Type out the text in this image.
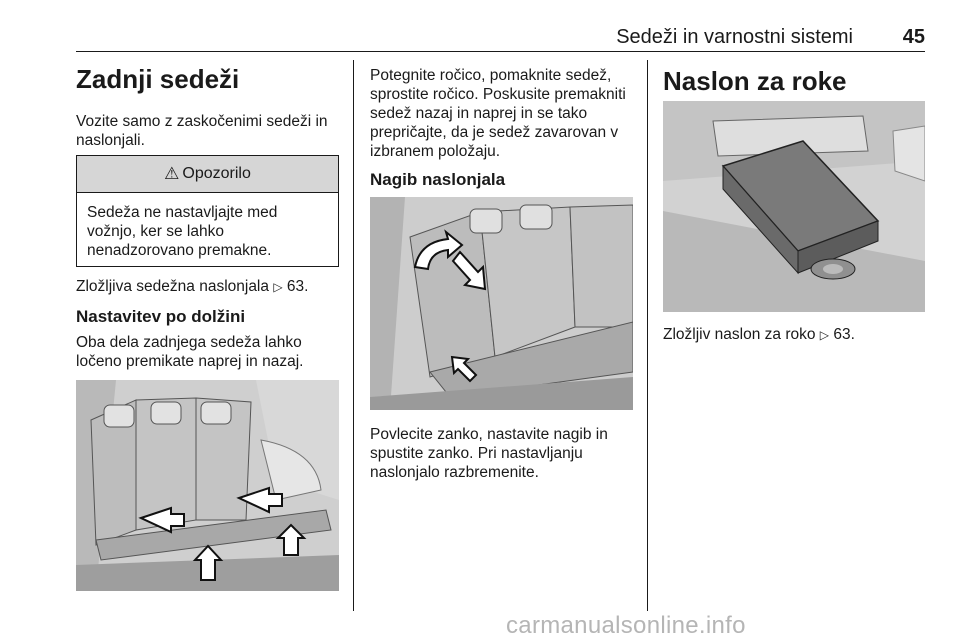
Sedeži in varnostni sistemi 45
Zadnji sedeži
Vozite samo z zaskočenimi sedeži in
naslonjali.
⚠ Opozorilo
Sedeža ne nastavljajte med
vožnjo, ker se lahko
nenadzorovano premakne.
Zložljiva sedežna naslonjala ▷ 63.
Nastavitev po dolžini
Oba dela zadnjega sedeža lahko
ločeno premikate naprej in nazaj.
Potegnite ročico, pomaknite sedež,
sprostite ročico. Poskusite premakniti
sedež nazaj in naprej in se tako
prepričajte, da je sedež zavarovan v
izbranem položaju.
Nagib naslonjala
Povlecite zanko, nastavite nagib in
spustite zanko. Pri nastavljanju
naslonjalo razbremenite.
Naslon za roke
Zložljiv naslon za roko ▷ 63.
carmanualsonline.info
